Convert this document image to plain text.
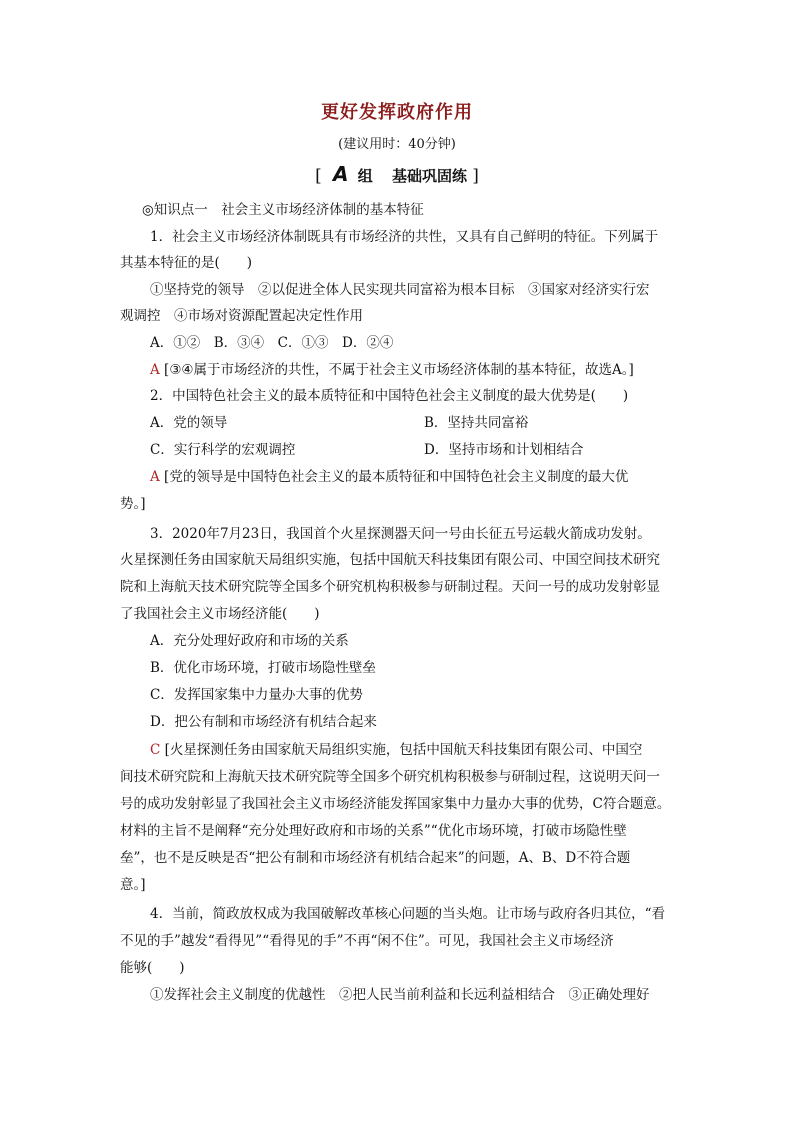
更好发挥政府作用
(建议用时：40分钟)
[ A 组 基础巩固练 ]
◎知识点一　社会主义市场经济体制的基本特征
1．社会主义市场经济体制既具有市场经济的共性，又具有自己鲜明的特征。下列属于
其基本特征的是(　　)
①坚持党的领导　②以促进全体人民实现共同富裕为根本目标　③国家对经济实行宏
观调控　④市场对资源配置起决定性作用
A．①②　B．③④　C．①③　D．②④
A [③④属于市场经济的共性，不属于社会主义市场经济体制的基本特征，故选A。]
2．中国特色社会主义的最本质特征和中国特色社会主义制度的最大优势是(　　)
A．党的领导	B．坚持共同富裕
C．实行科学的宏观调控	D．坚持市场和计划相结合
A [党的领导是中国特色社会主义的最本质特征和中国特色社会主义制度的最大优
势。]
3．2020年7月23日，我国首个火星探测器天问一号由长征五号运载火箭成功发射。
火星探测任务由国家航天局组织实施，包括中国航天科技集团有限公司、中国空间技术研究
院和上海航天技术研究院等全国多个研究机构积极参与研制过程。天问一号的成功发射彰显
了我国社会主义市场经济能(　　)
A．充分处理好政府和市场的关系
B．优化市场环境，打破市场隐性壁垒
C．发挥国家集中力量办大事的优势
D．把公有制和市场经济有机结合起来
C [火星探测任务由国家航天局组织实施，包括中国航天科技集团有限公司、中国空
间技术研究院和上海航天技术研究院等全国多个研究机构积极参与研制过程，这说明天问一
号的成功发射彰显了我国社会主义市场经济能发挥国家集中力量办大事的优势，C符合题意。
材料的主旨不是阐释“充分处理好政府和市场的关系”“优化市场环境，打破市场隐性壁
垒”，也不是反映是否“把公有制和市场经济有机结合起来”的问题，A、B、D不符合题
意。]
4．当前，简政放权成为我国破解改革核心问题的当头炮。让市场与政府各归其位，“看
不见的手”越发“看得见”“看得见的手”不再“闲不住”。可见，我国社会主义市场经济
能够(　　)
①发挥社会主义制度的优越性　②把人民当前利益和长远利益相结合　③正确处理好
